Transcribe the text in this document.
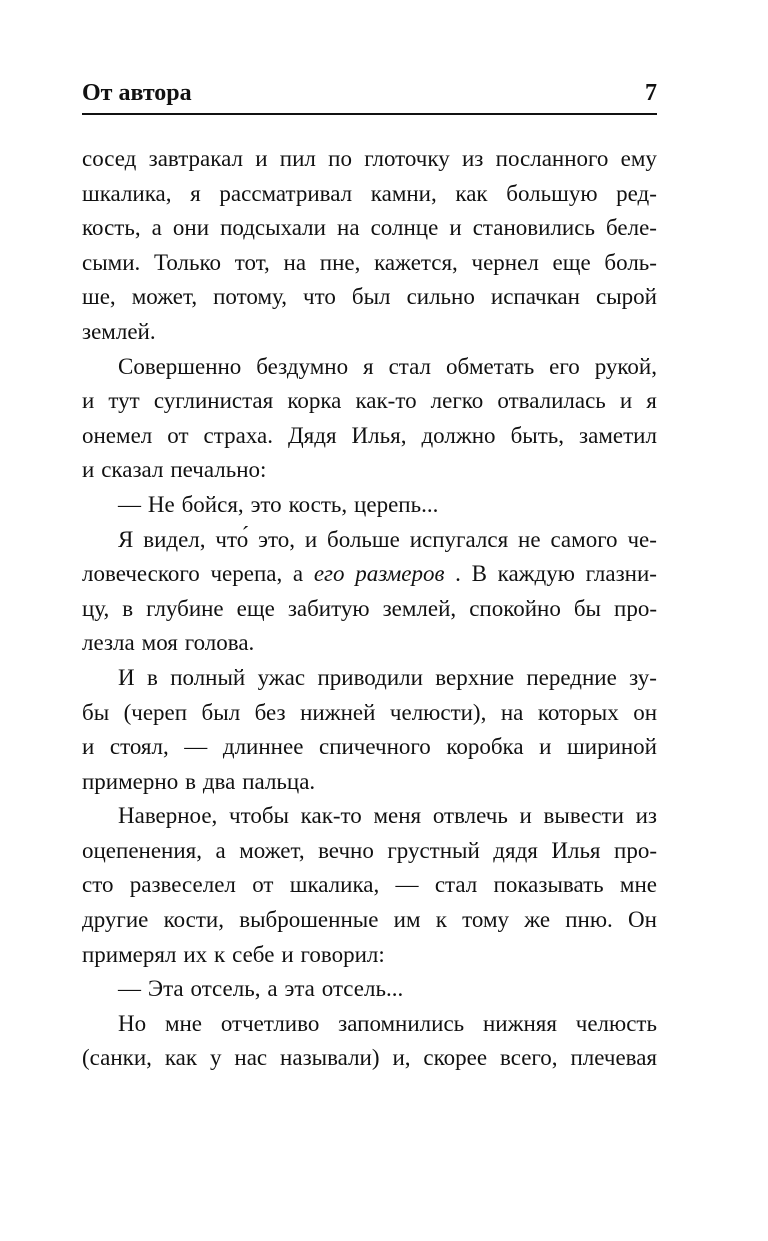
От автора	7
сосед завтракал и пил по глоточку из посланного ему
шкалика, я рассматривал камни, как большую ред-
кость, а они подсыхали на солнце и становились беле-
сыми. Только тот, на пне, кажется, чернел еще боль-
ше, может, потому, что был сильно испачкан сырой
землей.
Совершенно бездумно я стал обметать его рукой,
и тут суглинистая корка как-то легко отвалилась и я
онемел от страха. Дядя Илья, должно быть, заметил
и сказал печально:
— Не бойся, это кость, церепь...
Я видел, что́ это, и больше испугался не самого че-
ловеческого черепа, а его размеров . В каждую глазни-
цу, в глубине еще забитую землей, спокойно бы про-
лезла моя голова.
И в полный ужас приводили верхние передние зу-
бы (череп был без нижней челюсти), на которых он
и стоял, — длиннее спичечного коробка и шириной
примерно в два пальца.
Наверное, чтобы как-то меня отвлечь и вывести из
оцепенения, а может, вечно грустный дядя Илья про-
сто развеселел от шкалика, — стал показывать мне
другие кости, выброшенные им к тому же пню. Он
примерял их к себе и говорил:
— Эта отсель, а эта отсель...
Но мне отчетливо запомнились нижняя челюсть
(санки, как у нас называли) и, скорее всего, плечевая
